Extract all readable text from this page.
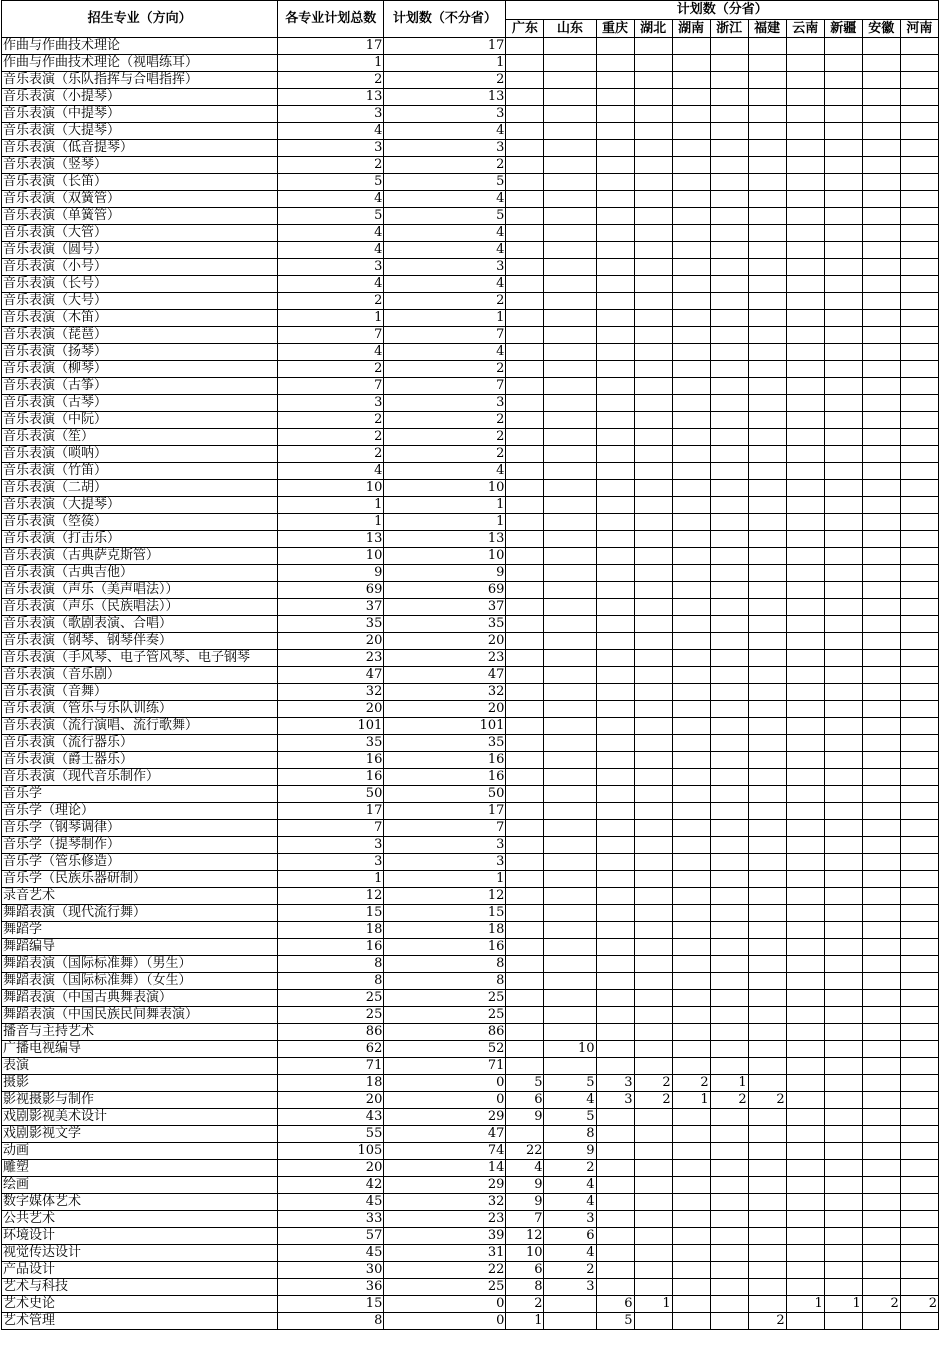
招生专业（方向）	各专业计划总数	计划数（不分省）	计划数（分省）										
			广东	山东	重庆	湖北	湖南	浙江	福建	云南	新疆	安徽	河南
作曲与作曲技术理论	17	17											
作曲与作曲技术理论（视唱练耳）	1	1											
音乐表演（乐队指挥与合唱指挥）	2	2											
音乐表演（小提琴）	13	13											
音乐表演（中提琴）	3	3											
音乐表演（大提琴）	4	4											
音乐表演（低音提琴）	3	3											
音乐表演（竖琴）	2	2											
音乐表演（长笛）	5	5											
音乐表演（双簧管）	4	4											
音乐表演（单簧管）	5	5											
音乐表演（大管）	4	4											
音乐表演（圆号）	4	4											
音乐表演（小号）	3	3											
音乐表演（长号）	4	4											
音乐表演（大号）	2	2											
音乐表演（木笛）	1	1											
音乐表演（琵琶）	7	7											
音乐表演（扬琴）	4	4											
音乐表演（柳琴）	2	2											
音乐表演（古筝）	7	7											
音乐表演（古琴）	3	3											
音乐表演（中阮）	2	2											
音乐表演（笙）	2	2											
音乐表演（唢呐）	2	2											
音乐表演（竹笛）	4	4											
音乐表演（二胡）	10	10											
音乐表演（大提琴）	1	1											
音乐表演（箜篌）	1	1											
音乐表演（打击乐）	13	13											
音乐表演（古典萨克斯管）	10	10											
音乐表演（古典吉他）	9	9											
音乐表演（声乐（美声唱法））	69	69											
音乐表演（声乐（民族唱法））	37	37											
音乐表演（歌剧表演、合唱）	35	35											
音乐表演（钢琴、钢琴伴奏）	20	20											
音乐表演（手风琴、电子管风琴、电子钢琴	23	23											
音乐表演（音乐剧）	47	47											
音乐表演（音舞）	32	32											
音乐表演（管乐与乐队训练）	20	20											
音乐表演（流行演唱、流行歌舞）	101	101											
音乐表演（流行器乐）	35	35											
音乐表演（爵士器乐）	16	16											
音乐表演（现代音乐制作）	16	16											
音乐学	50	50											
音乐学（理论）	17	17											
音乐学（钢琴调律）	7	7											
音乐学（提琴制作）	3	3											
音乐学（管乐修造）	3	3											
音乐学（民族乐器研制）	1	1											
录音艺术	12	12											
舞蹈表演（现代流行舞）	15	15											
舞蹈学	18	18											
舞蹈编导	16	16											
舞蹈表演（国际标准舞）（男生）	8	8											
舞蹈表演（国际标准舞）（女生）	8	8											
舞蹈表演（中国古典舞表演）	25	25											
舞蹈表演（中国民族民间舞表演）	25	25											
播音与主持艺术	86	86											
广播电视编导	62	52		10									
表演	71	71											
摄影	18	0	5	5	3	2	2	1					
影视摄影与制作	20	0	6	4	3	2	1	2	2				
戏剧影视美术设计	43	29	9	5									
戏剧影视文学	55	47		8									
动画	105	74	22	9									
雕塑	20	14	4	2									
绘画	42	29	9	4									
数字媒体艺术	45	32	9	4									
公共艺术	33	23	7	3									
环境设计	57	39	12	6									
视觉传达设计	45	31	10	4									
产品设计	30	22	6	2									
艺术与科技	36	25	8	3									
艺术史论	15	0	2		6	1				1	1	2	2
艺术管理	8	0	1		5				2				
